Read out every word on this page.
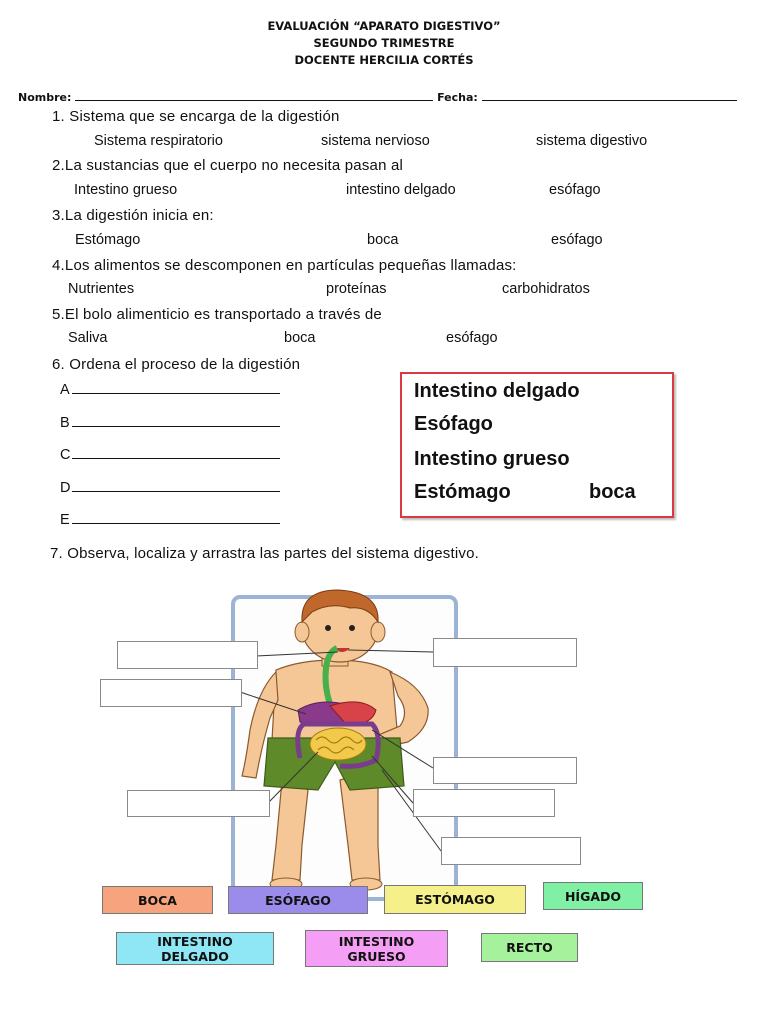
EVALUACIÓN “APARATO DIGESTIVO”
SEGUNDO TRIMESTRE
DOCENTE HERCILIA CORTÉS
Nombre:	Fecha:
1. Sistema que se encarga de la digestión
Sistema respiratorio	sistema nervioso	sistema digestivo
2.La sustancias que el cuerpo no necesita pasan al
Intestino grueso	intestino delgado	esófago
3.La digestión inicia en:
Estómago	boca	esófago
4.Los alimentos se descomponen en partículas pequeñas llamadas:
Nutrientes	proteínas	carbohidratos
5.El bolo alimenticio es transportado a través de
Saliva	boca	esófago
6. Ordena el proceso de la digestión
A
B
C
D
E
Intestino delgado
Esófago
Intestino grueso
Estómago	boca
7. Observa, localiza y arrastra las partes del sistema digestivo.
BOCA	ESÓFAGO	ESTÓMAGO	HÍGADO
INTESTINO
DELGADO
INTESTINO
GRUESO
RECTO
